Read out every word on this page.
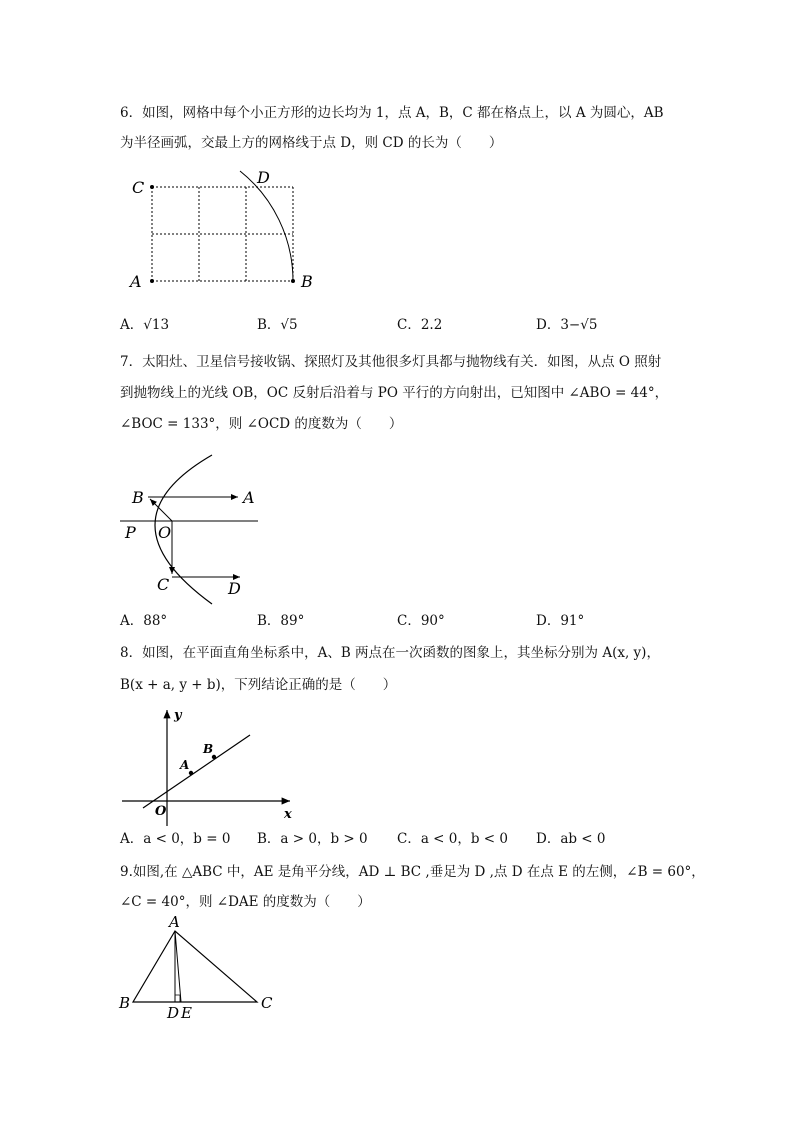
6．如图，网格中每个小正方形的边长均为 1，点 A，B，C 都在格点上，以 A 为圆心，AB
为半径画弧，交最上方的网格线于点 D，则 CD 的长为（　　）
C
A	B
D
A．√13	B．√5	C．2.2	D．3−√5
7．太阳灶、卫星信号接收锅、探照灯及其他很多灯具都与抛物线有关．如图，从点 O 照射
到抛物线上的光线 OB，OC 反射后沿着与 PO 平行的方向射出，已知图中 ∠ABO = 44°，
∠BOC = 133°，则 ∠OCD 的度数为（　　）
B	A
P O
C	D
A．88°	B．89°	C．90°	D．91°
8．如图，在平面直角坐标系中，A、B 两点在一次函数的图象上，其坐标分别为 A(x, y)，
B(x + a, y + b)，下列结论正确的是（　　）
y
x
O
A
B
A．a < 0，b = 0 B．a > 0，b > 0 C．a < 0，b < 0 D．ab < 0
9.如图,在 △ABC 中，AE 是角平分线，AD ⊥ BC ,垂足为 D ,点 D 在点 E 的左侧，∠B = 60°，
∠C = 40°，则 ∠DAE 的度数为（　　）
A
B	C
D E
